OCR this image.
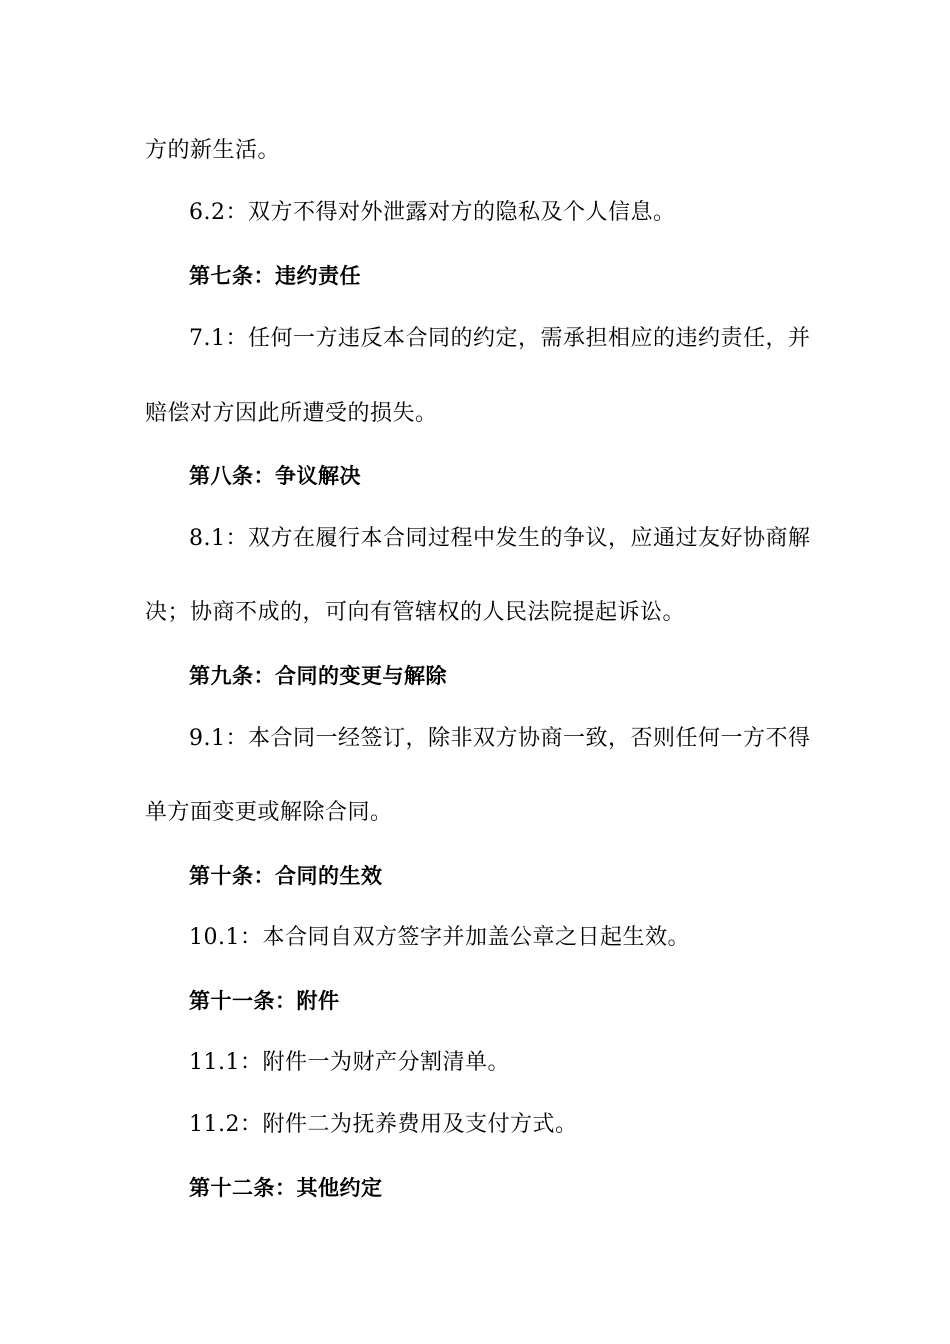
方的新生活。
6.2：双方不得对外泄露对方的隐私及个人信息。
第七条：违约责任
7.1：任何一方违反本合同的约定，需承担相应的违约责任，并
赔偿对方因此所遭受的损失。
第八条：争议解决
8.1：双方在履行本合同过程中发生的争议，应通过友好协商解
决；协商不成的，可向有管辖权的人民法院提起诉讼。
第九条：合同的变更与解除
9.1：本合同一经签订，除非双方协商一致，否则任何一方不得
单方面变更或解除合同。
第十条：合同的生效
10.1：本合同自双方签字并加盖公章之日起生效。
第十一条：附件
11.1：附件一为财产分割清单。
11.2：附件二为抚养费用及支付方式。
第十二条：其他约定
